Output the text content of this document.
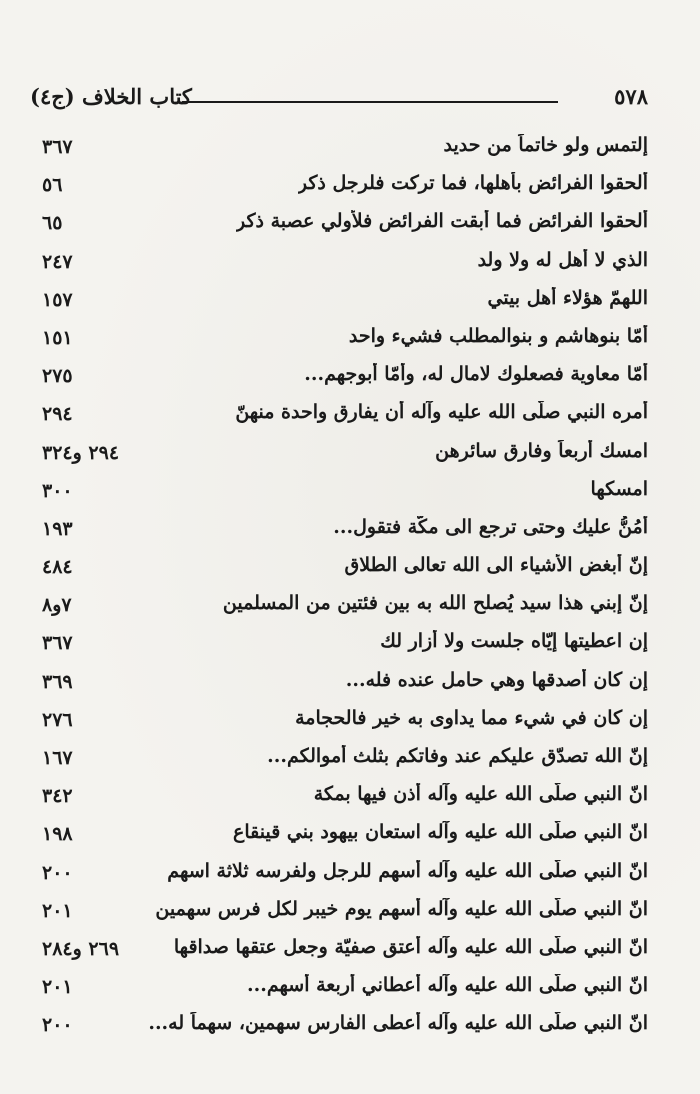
كتاب الخلاف (ج٤)	٥٧٨
إلتمس ولو خاتماً من حديد
٣٦٧
ألحقوا الفرائض بأهلها، فما تركت فلرجل ذكر
٥٦
ألحقوا الفرائض فما أبقت الفرائض فلأولي عصبة ذكر
٦٥
الذي لا أهل له ولا ولد
٢٤٧
اللهمّ هؤلاء أهل بيتي
١٥٧
أمّا بنوهاشم و بنوالمطلب فشيء واحد
١٥١
أمّا معاوية فصعلوك لامال له، وأمّا أبوجهم...
٢٧٥
أمره النبي صلّى الله عليه وآله أن يفارق واحدة منهنّ
٢٩٤
امسك أربعاً وفارق سائرهن
٢٩٤ و٣٢٤
امسكها
٣٠٠
أمُنُّ عليك وحتى ترجع الى مكّة فتقول...
١٩٣
إنّ أبغض الأشياء الى الله تعالى الطلاق
٤٨٤
إنّ إبني هذا سيد يُصلح الله به بين فئتين من المسلمين
٧و٨
إن اعطيتها إيّاه جلست ولا أزار لك
٣٦٧
إن كان أصدقها وهي حامل عنده فله...
٣٦٩
إن كان في شيء مما يداوى به خير فالحجامة
٢٧٦
إنّ الله تصدّق عليكم عند وفاتكم بثلث أموالكم...
١٦٧
انّ النبي صلّى الله عليه وآله أذن فيها بمكة
٣٤٢
انّ النبي صلّى الله عليه وآله استعان بيهود بني قينقاع
١٩٨
انّ النبي صلّى الله عليه وآله أسهم للرجل ولفرسه ثلاثة اسهم
٢٠٠
انّ النبي صلّى الله عليه وآله أسهم يوم خيبر لكل فرس سهمين
٢٠١
انّ النبي صلّى الله عليه وآله أعتق صفيّة وجعل عتقها صداقها
٢٦٩ و٢٨٤
انّ النبي صلّى الله عليه وآله أعطاني أربعة أسهم...
٢٠١
انّ النبي صلّى الله عليه وآله أعطى الفارس سهمين، سهماً له...
٢٠٠
